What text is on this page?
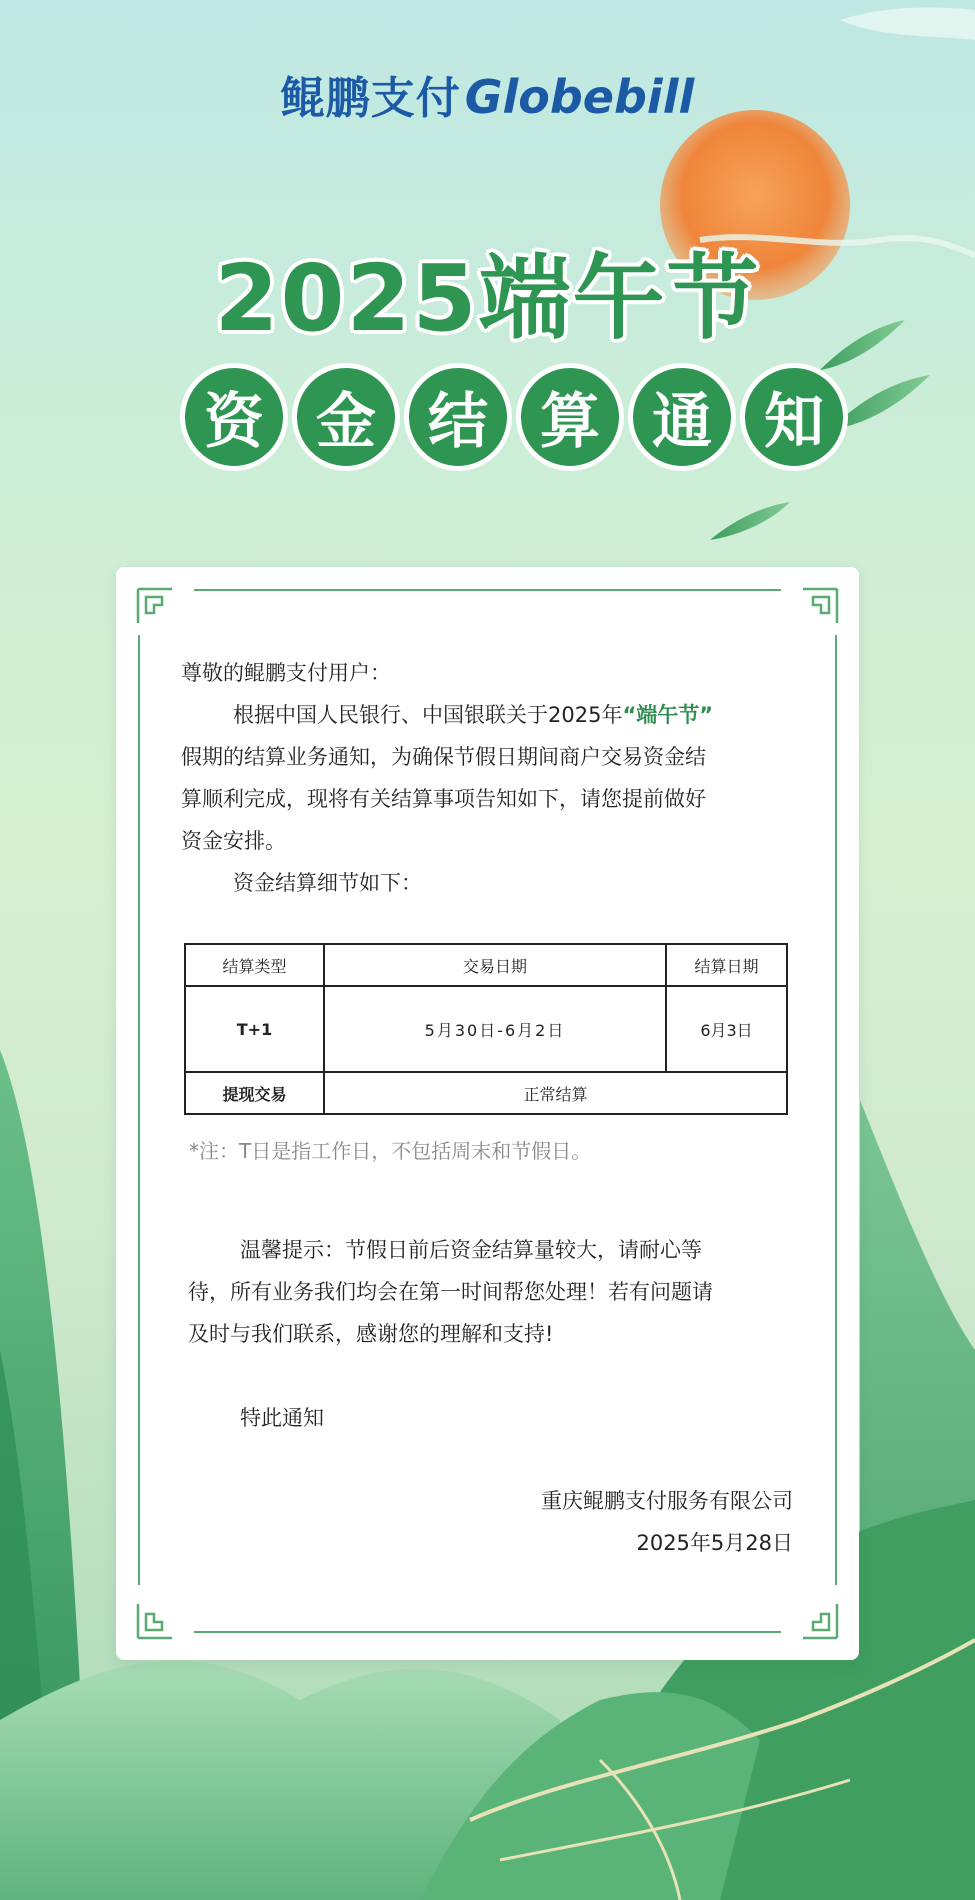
鲲鹏支付Globebill
2025端午节
资 金 结 算 通 知
尊敬的鲲鹏支付用户：
根据中国人民银行、中国银联关于2025年“端午节”
假期的结算业务通知，为确保节假日期间商户交易资金结
算顺利完成，现将有关结算事项告知如下，请您提前做好
资金安排。
资金结算细节如下：
结算类型	交易日期	结算日期
T+1	5月30日-6月2日	6月3日
提现交易	正常结算	
*注：T日是指工作日，不包括周末和节假日。
温馨提示：节假日前后资金结算量较大，请耐心等
待，所有业务我们均会在第一时间帮您处理！若有问题请
及时与我们联系，感谢您的理解和支持!
特此通知
重庆鲲鹏支付服务有限公司
2025年5月28日
